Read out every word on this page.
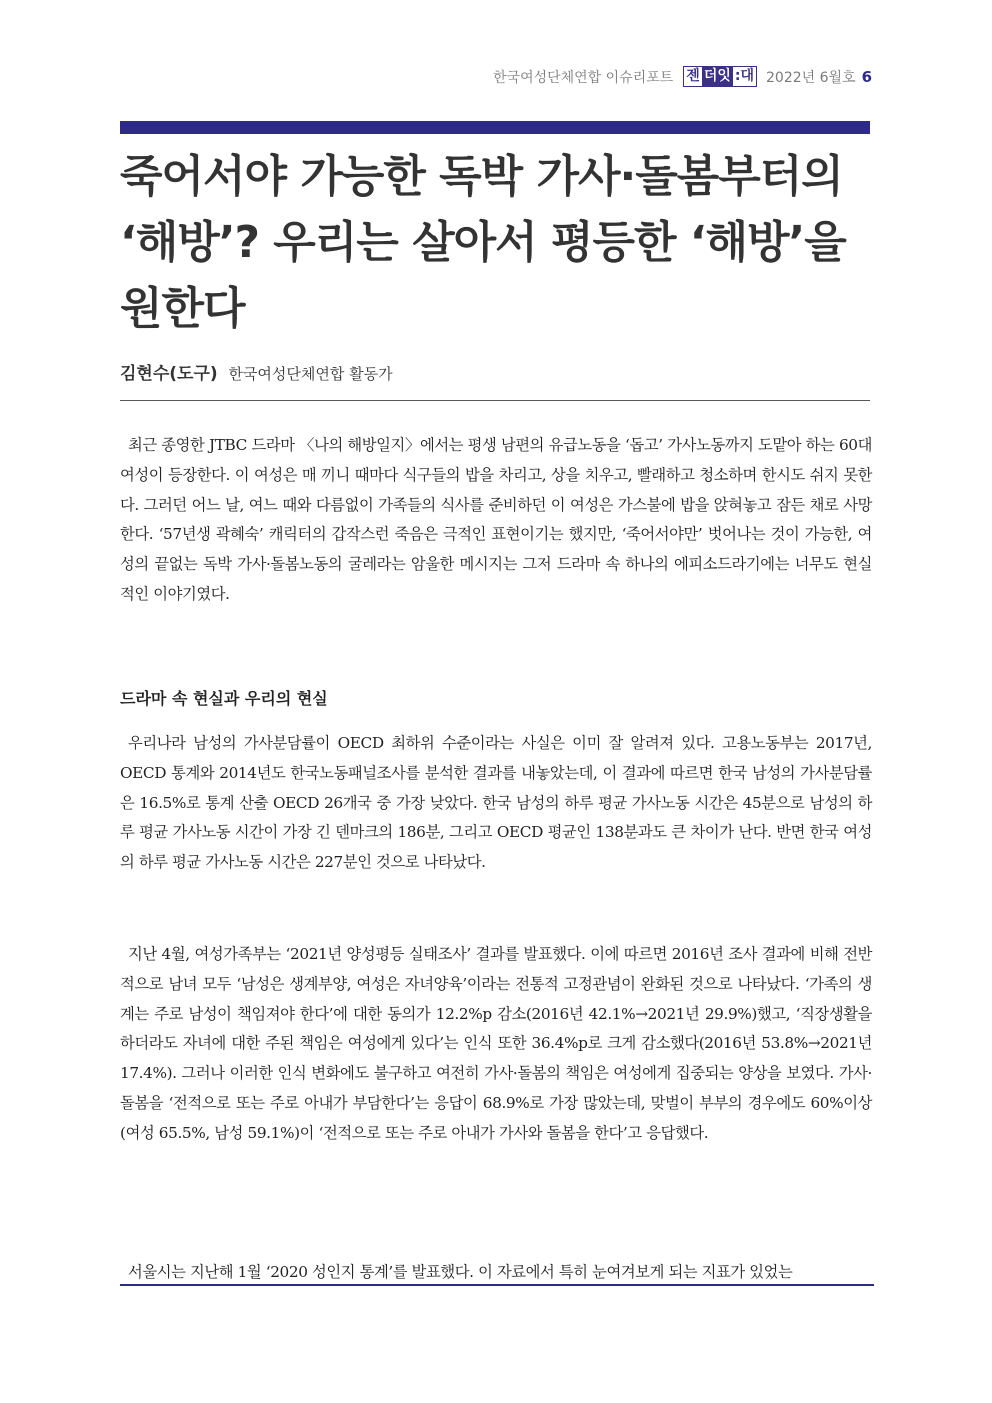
한국여성단체연합 이슈리포트 젠 더잇 :대 2022년 6월호 6
죽어서야 가능한 독박 가사·돌봄부터의 ‘해방’? 우리는 살아서 평등한 ‘해방’을 원한다
김현수(도구) 한국여성단체연합 활동가

최근 종영한 JTBC 드라마 〈나의 해방일지〉에서는 평생 남편의 유급노동을 ‘돕고’ 가사노동까지 도맡아 하는 60대 여성이 등장한다. 이 여성은 매 끼니 때마다 식구들의 밥을 차리고, 상을 치우고, 빨래하고 청소하며 한시도 쉬지 못한다. 그러던 어느 날, 여느 때와 다름없이 가족들의 식사를 준비하던 이 여성은 가스불에 밥을 앉혀놓고 잠든 채로 사망한다. ‘57년생 곽혜숙’ 캐릭터의 갑작스런 죽음은 극적인 표현이기는 했지만, ‘죽어서야만’ 벗어나는 것이 가능한, 여성의 끝없는 독박 가사·돌봄노동의 굴레라는 암울한 메시지는 그저 드라마 속 하나의 에피소드라기에는 너무도 현실적인 이야기였다.

드라마 속 현실과 우리의 현실

우리나라 남성의 가사분담률이 OECD 최하위 수준이라는 사실은 이미 잘 알려져 있다. 고용노동부는 2017년, OECD 통계와 2014년도 한국노동패널조사를 분석한 결과를 내놓았는데, 이 결과에 따르면 한국 남성의 가사분담률은 16.5%로 통계 산출 OECD 26개국 중 가장 낮았다. 한국 남성의 하루 평균 가사노동 시간은 45분으로 남성의 하루 평균 가사노동 시간이 가장 긴 덴마크의 186분, 그리고 OECD 평균인 138분과도 큰 차이가 난다. 반면 한국 여성의 하루 평균 가사노동 시간은 227분인 것으로 나타났다.

지난 4월, 여성가족부는 ‘2021년 양성평등 실태조사’ 결과를 발표했다. 이에 따르면 2016년 조사 결과에 비해 전반적으로 남녀 모두 ‘남성은 생계부양, 여성은 자녀양육’이라는 전통적 고정관념이 완화된 것으로 나타났다. ‘가족의 생계는 주로 남성이 책임져야 한다’에 대한 동의가 12.2%p 감소(2016년 42.1%→2021년 29.9%)했고, ‘직장생활을 하더라도 자녀에 대한 주된 책임은 여성에게 있다’는 인식 또한 36.4%p로 크게 감소했다(2016년 53.8%→2021년 17.4%). 그러나 이러한 인식 변화에도 불구하고 여전히 가사·돌봄의 책임은 여성에게 집중되는 양상을 보였다. 가사·돌봄을 ‘전적으로 또는 주로 아내가 부담한다’는 응답이 68.9%로 가장 많았는데, 맞벌이 부부의 경우에도 60%이상(여성 65.5%, 남성 59.1%)이 ‘전적으로 또는 주로 아내가 가사와 돌봄을 한다’고 응답했다.

서울시는 지난해 1월 ‘2020 성인지 통계’를 발표했다. 이 자료에서 특히 눈여겨보게 되는 지표가 있었는
